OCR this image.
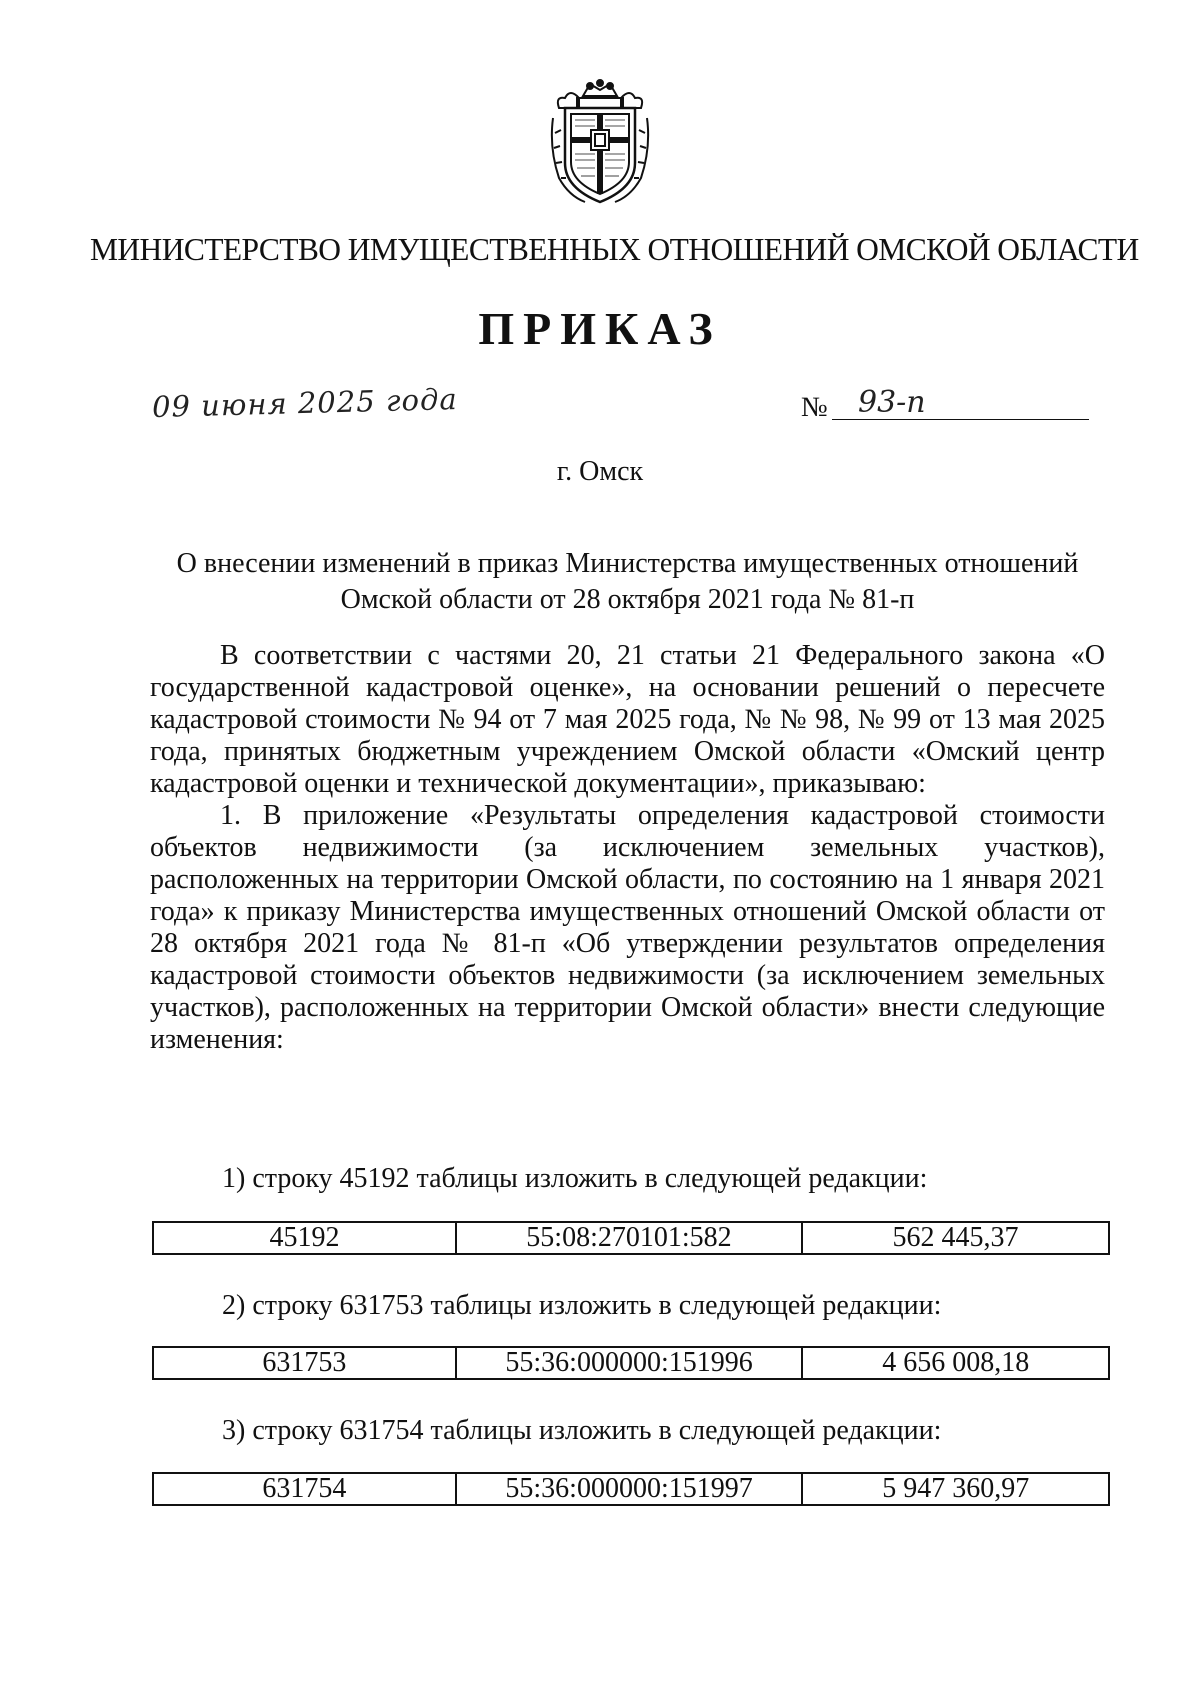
МИНИСТЕРСТВО ИМУЩЕСТВЕННЫХ ОТНОШЕНИЙ ОМСКОЙ ОБЛАСТИ
ПРИКАЗ
09 июня 2025 года	№ 93-п
г. Омск
О внесении изменений в приказ Министерства имущественных отношений
Омской области от 28 октября 2021 года № 81-п

В соответствии с частями 20, 21 статьи 21 Федерального закона «О государственной кадастровой оценке», на основании решений о пересчете кадастровой стоимости № 94 от 7 мая 2025 года, № № 98, № 99 от 13 мая 2025 года, принятых бюджетным учреждением Омской области «Омский центр кадастровой оценки и технической документации», приказываю:

1. В приложение «Результаты определения кадастровой стоимости объектов недвижимости (за исключением земельных участков), расположенных на территории Омской области, по состоянию на 1 января 2021 года» к приказу Министерства имущественных отношений Омской области от 28 октября 2021 года № 81-п «Об утверждении результатов определения кадастровой стоимости объектов недвижимости (за исключением земельных участков), расположенных на территории Омской области» внести следующие изменения:

1) строку 45192 таблицы изложить в следующей редакции:
45192	55:08:270101:582	562 445,37
2) строку 631753 таблицы изложить в следующей редакции:
631753	55:36:000000:151996	4 656 008,18
3) строку 631754 таблицы изложить в следующей редакции:
631754	55:36:000000:151997	5 947 360,97
